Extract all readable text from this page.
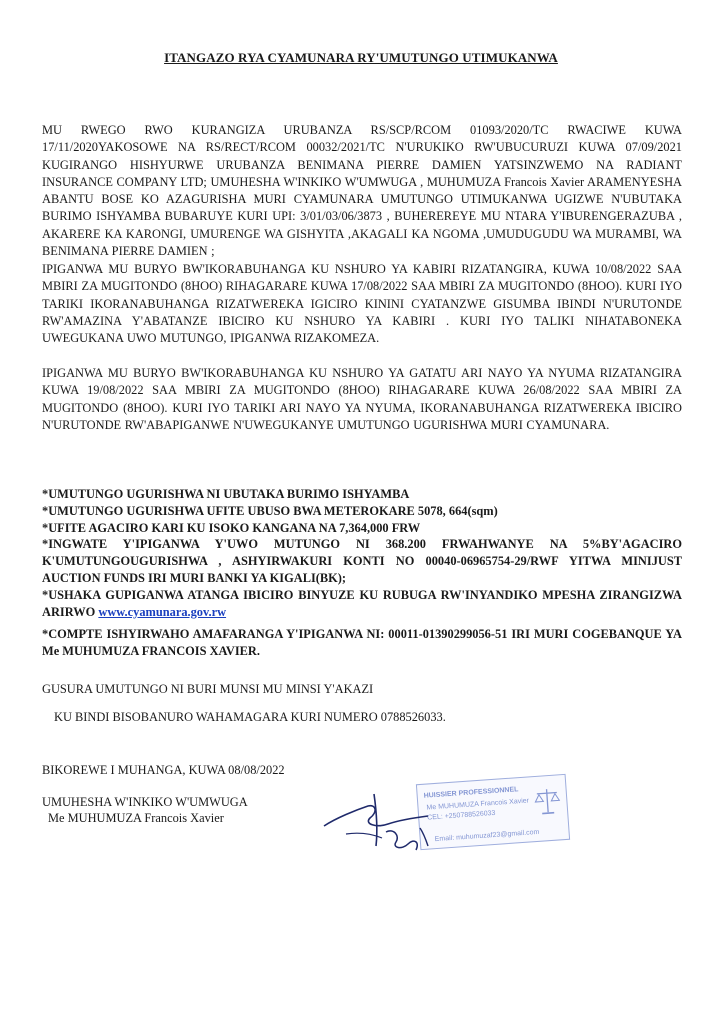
ITANGAZO RYA CYAMUNARA RY'UMUTUNGO UTIMUKANWA
MU RWEGO RWO KURANGIZA URUBANZA RS/SCP/RCOM 01093/2020/TC RWACIWE KUWA 17/11/2020YAKOSOWE NA RS/RECT/RCOM 00032/2021/TC N'URUKIKO RW'UBUCURUZI KUWA 07/09/2021 KUGIRANGO HISHYURWE URUBANZA BENIMANA PIERRE DAMIEN YATSINZWEMO NA RADIANT INSURANCE COMPANY LTD; UMUHESHA W'INKIKO W'UMWUGA , MUHUMUZA Francois Xavier ARAMENYESHA ABANTU BOSE KO AZAGURISHA MURI CYAMUNARA UMUTUNGO UTIMUKANWA UGIZWE N'UBUTAKA BURIMO ISHYAMBA BUBARUYE KURI UPI: 3/01/03/06/3873 , BUHEREREYE MU NTARA Y'IBURENGERAZUBA , AKARERE KA KARONGI, UMURENGE WA GISHYITA ,AKAGALI KA NGOMA ,UMUDUGUDU WA MURAMBI, WA BENIMANA PIERRE DAMIEN ;
IPIGANWA MU BURYO BW'IKORABUHANGA KU NSHURO YA KABIRI RIZATANGIRA, KUWA 10/08/2022 SAA MBIRI ZA MUGITONDO (8HOO) RIHAGARARE KUWA 17/08/2022 SAA MBIRI ZA MUGITONDO (8HOO). KURI IYO TARIKI IKORANABUHANGA RIZATWEREKA IGICIRO KININI CYATANZWE GISUMBA IBINDI N'URUTONDE RW'AMAZINA Y'ABATANZE IBICIRO KU NSHURO YA KABIRI . KURI IYO TALIKI NIHATABONEKA UWEGUKANA UWO MUTUNGO, IPIGANWA RIZAKOMEZA.
IPIGANWA MU BURYO BW'IKORABUHANGA KU NSHURO YA GATATU ARI NAYO YA NYUMA RIZATANGIRA KUWA 19/08/2022 SAA MBIRI ZA MUGITONDO (8HOO) RIHAGARARE KUWA 26/08/2022 SAA MBIRI ZA MUGITONDO (8HOO). KURI IYO TARIKI ARI NAYO YA NYUMA, IKORANABUHANGA RIZATWEREKA IBICIRO N'URUTONDE RW'ABAPIGANWE N'UWEGUKANYE UMUTUNGO UGURISHWA MURI CYAMUNARA.
*UMUTUNGO UGURISHWA NI UBUTAKA BURIMO ISHYAMBA
*UMUTUNGO UGURISHWA UFITE UBUSO BWA METEROKARE 5078, 664(sqm)
*UFITE AGACIRO KARI KU ISOKO KANGANA NA 7,364,000 FRW
*INGWATE Y'IPIGANWA Y'UWO MUTUNGO NI 368.200 FRWAHWANYE NA 5%BY'AGACIRO K'UMUTUNGOUGURISHWA , ASHYIRWAKURI KONTI NO 00040-06965754-29/RWF YITWA MINIJUST AUCTION FUNDS IRI MURI BANKI YA KIGALI(BK);
*USHAKA GUPIGANWA ATANGA IBICIRO BINYUZE KU RUBUGA RW'INYANDIKO MPESHA ZIRANGIZWA ARIRWO www.cyamunara.gov.rw
*COMPTE ISHYIRWAHO AMAFARANGA Y'IPIGANWA NI: 00011-01390299056-51 IRI MURI COGEBANQUE YA Me MUHUMUZA FRANCOIS XAVIER.
GUSURA UMUTUNGO NI BURI MUNSI MU MINSI Y'AKAZI
KU BINDI BISOBANURO WAHAMAGARA KURI NUMERO 0788526033.
BIKOREWE I MUHANGA, KUWA 08/08/2022
UMUHESHA W'INKIKO W'UMWUGA
Me MUHUMUZA Francois Xavier
HUISSIER PROFESSIONNEL
Me MUHUMUZA Francois Xavier
CEL: +250788526033
Email: muhumuzaf23@gmail.com
